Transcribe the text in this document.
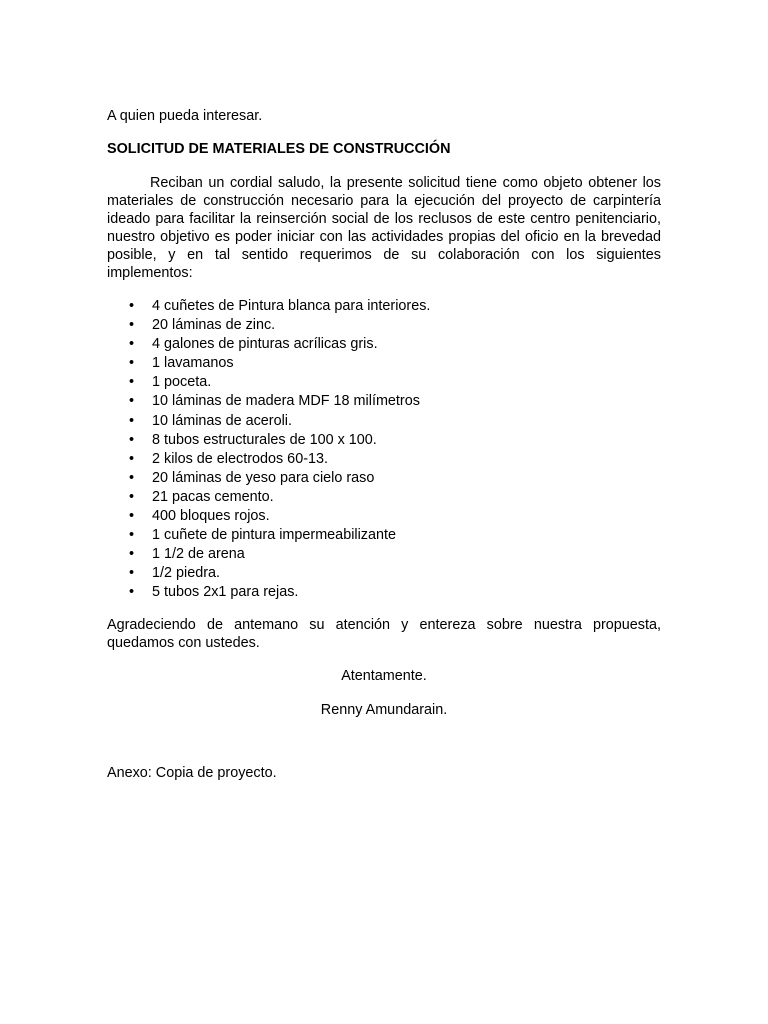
A quien pueda interesar.
SOLICITUD DE MATERIALES DE CONSTRUCCIÓN

Reciban un cordial saludo, la presente solicitud tiene como objeto obtener los materiales de construcción necesario para la ejecución del proyecto de carpintería ideado para facilitar la reinserción social de los reclusos de este centro penitenciario, nuestro objetivo es poder iniciar con las actividades propias del oficio en la brevedad posible, y en tal sentido requerimos de su colaboración con los siguientes implementos:

• 4 cuñetes de Pintura blanca para interiores.
• 20 láminas de zinc.
• 4 galones de pinturas acrílicas gris.
• 1 lavamanos
• 1 poceta.
• 10 láminas de madera MDF 18 milímetros
• 10 láminas de aceroli.
• 8 tubos estructurales de 100 x 100.
• 2 kilos de electrodos 60-13.
• 20 láminas de yeso para cielo raso
• 21 pacas cemento.
• 400 bloques rojos.
• 1 cuñete de pintura impermeabilizante
• 1 1/2 de arena
• 1/2 piedra.
• 5 tubos 2x1 para rejas.

Agradeciendo de antemano su atención y entereza sobre nuestra propuesta, quedamos con ustedes.

Atentamente.
Renny Amundarain.
Anexo: Copia de proyecto.
